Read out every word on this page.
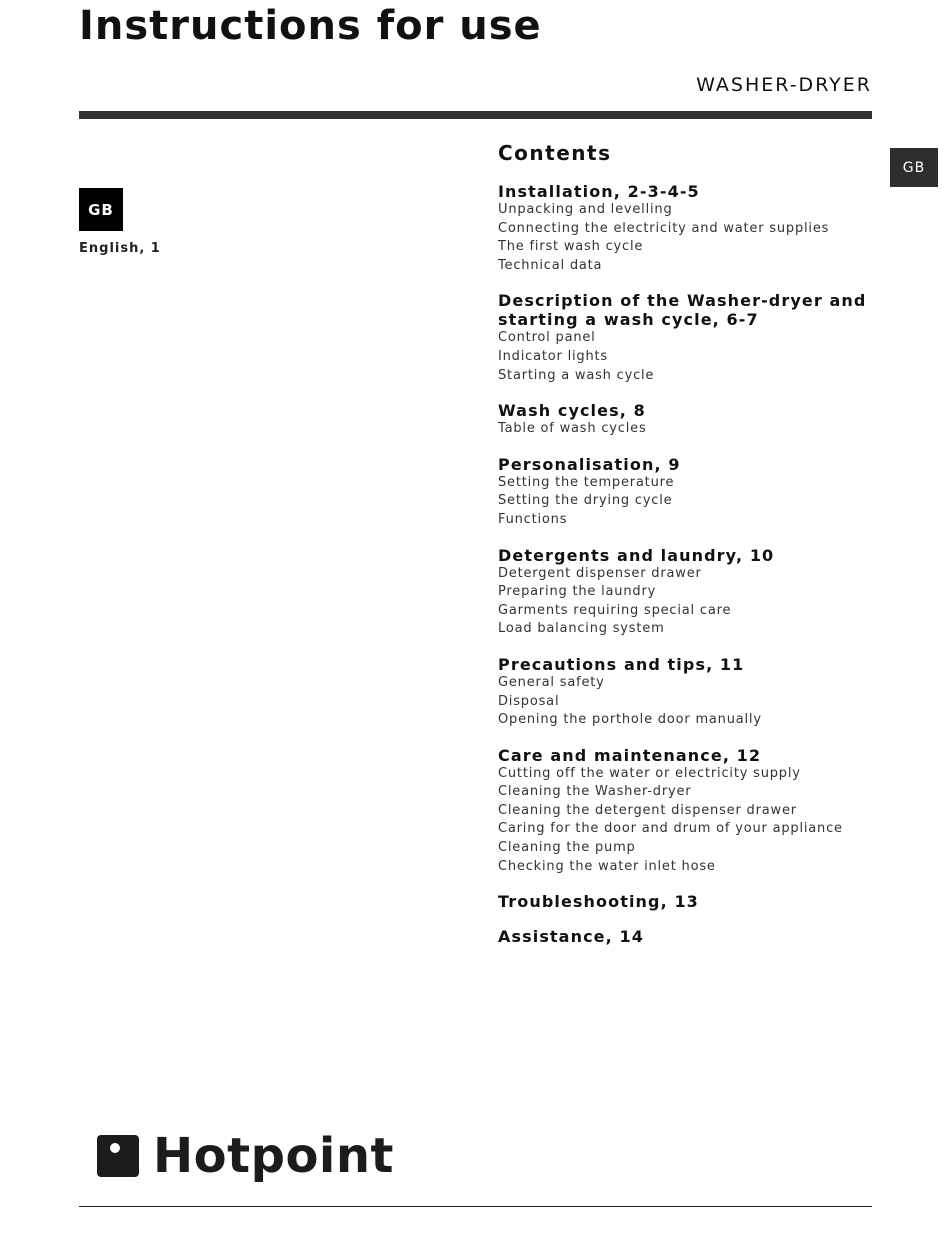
Instructions for use
WASHER-DRYER
GB
GB
English, 1
Contents
Installation, 2-3-4-5
Unpacking and levelling
Connecting the electricity and water supplies
The first wash cycle
Technical data
Description of the Washer-dryer and starting a wash cycle, 6-7
Control panel
Indicator lights
Starting a wash cycle
Wash cycles, 8
Table of wash cycles
Personalisation, 9
Setting the temperature
Setting the drying cycle
Functions
Detergents and laundry, 10
Detergent dispenser drawer
Preparing the laundry
Garments requiring special care
Load balancing system
Precautions and tips, 11
General safety
Disposal
Opening the porthole door manually
Care and maintenance, 12
Cutting off the water or electricity supply
Cleaning the Washer-dryer
Cleaning the detergent dispenser drawer
Caring for the door and drum of your appliance
Cleaning the pump
Checking the water inlet hose
Troubleshooting, 13
Assistance, 14
Hotpoint
